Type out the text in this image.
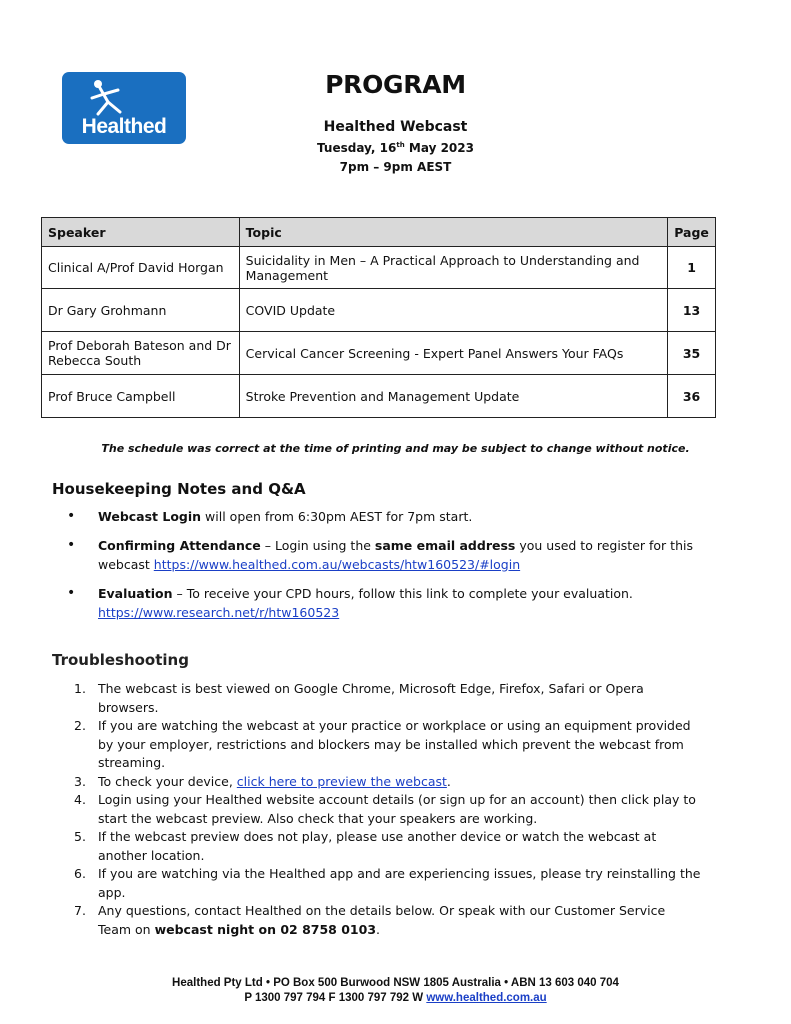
Healthed
PROGRAM
Healthed Webcast
Tuesday, 16th May 2023
7pm – 9pm AEST
Speaker	Topic	Page
Clinical A/Prof David Horgan	Suicidality in Men – A Practical Approach to Understanding and Management	1
Dr Gary Grohmann	COVID Update	13
Prof Deborah Bateson and Dr Rebecca South	Cervical Cancer Screening - Expert Panel Answers Your FAQs	35
Prof Bruce Campbell	Stroke Prevention and Management Update	36
The schedule was correct at the time of printing and may be subject to change without notice.
Housekeeping Notes and Q&A
• Webcast Login will open from 6:30pm AEST for 7pm start.
• Confirming Attendance – Login using the same email address you used to register for this webcast https://www.healthed.com.au/webcasts/htw160523/#login
• Evaluation – To receive your CPD hours, follow this link to complete your evaluation. https://www.research.net/r/htw160523
Troubleshooting
1. The webcast is best viewed on Google Chrome, Microsoft Edge, Firefox, Safari or Opera browsers.
2. If you are watching the webcast at your practice or workplace or using an equipment provided by your employer, restrictions and blockers may be installed which prevent the webcast from streaming.
3. To check your device, click here to preview the webcast.
4. Login using your Healthed website account details (or sign up for an account) then click play to start the webcast preview. Also check that your speakers are working.
5. If the webcast preview does not play, please use another device or watch the webcast at another location.
6. If you are watching via the Healthed app and are experiencing issues, please try reinstalling the app.
7. Any questions, contact Healthed on the details below. Or speak with our Customer Service Team on webcast night on 02 8758 0103.
Healthed Pty Ltd • PO Box 500 Burwood NSW 1805 Australia • ABN 13 603 040 704
P 1300 797 794 F 1300 797 792 W www.healthed.com.au
